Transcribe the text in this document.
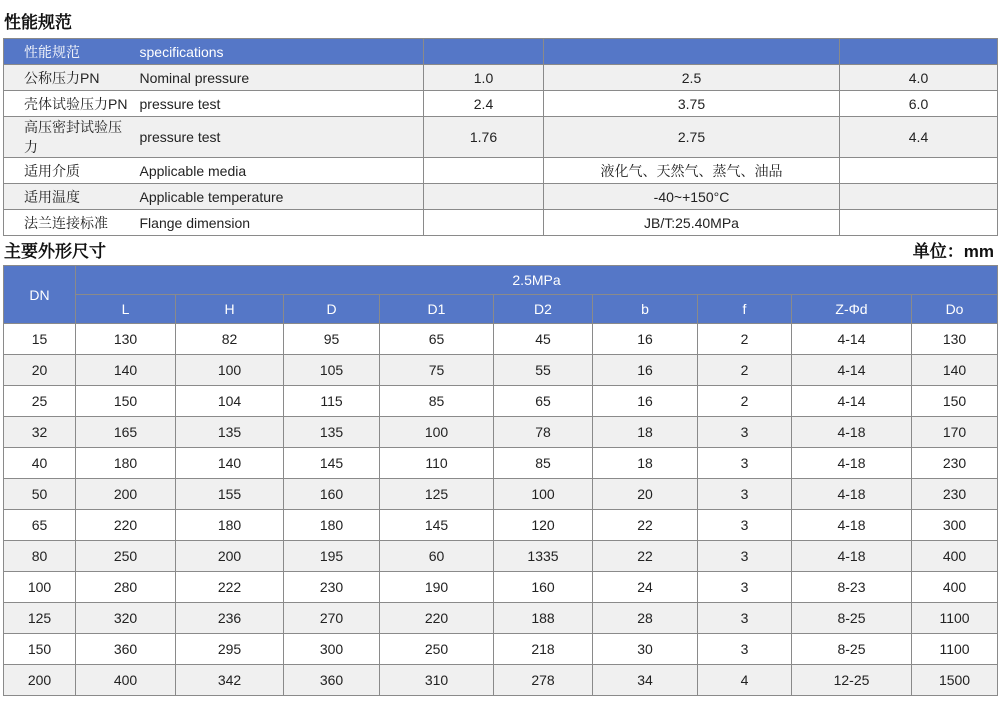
性能规范
性能规范	specifications			
公称压力PN	Nominal pressure	1.0	2.5	4.0
壳体试验压力PN	pressure test	2.4	3.75	6.0
高压密封试验压力	pressure test	1.76	2.75	4.4
适用介质	Applicable media		液化气、天然气、蒸气、油品	
适用温度	Applicable temperature		-40~+150°C	
法兰连接标准	Flange dimension		JB/T:25.40MPa	
主要外形尺寸	单位：mm
DN	2.5MPa								
	L	H	D	D1	D2	b	f	Z-Φd	Do
15	130	82	95	65	45	16	2	4-14	130
20	140	100	105	75	55	16	2	4-14	140
25	150	104	115	85	65	16	2	4-14	150
32	165	135	135	100	78	18	3	4-18	170
40	180	140	145	110	85	18	3	4-18	230
50	200	155	160	125	100	20	3	4-18	230
65	220	180	180	145	120	22	3	4-18	300
80	250	200	195	60	1335	22	3	4-18	400
100	280	222	230	190	160	24	3	8-23	400
125	320	236	270	220	188	28	3	8-25	1100
150	360	295	300	250	218	30	3	8-25	1100
200	400	342	360	310	278	34	4	12-25	1500
